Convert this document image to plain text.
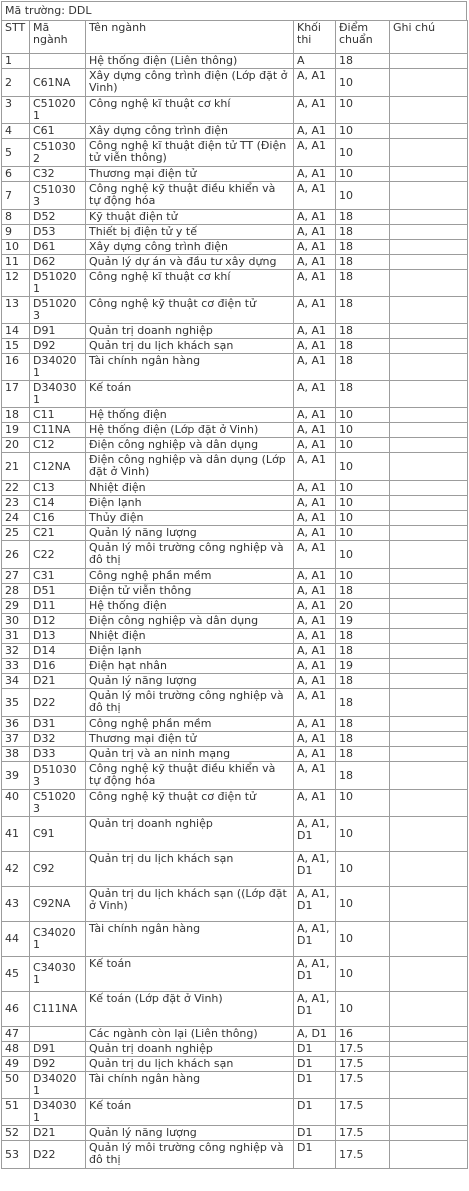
Mã trường: DDL
STT	Mã ngành	Tên ngành	Khối thi	Điểm chuẩn	Ghi chú
1		Hệ thống điện (Liên thông)	A	18	
2	C61NA	Xây dựng công trình điện (Lớp đặt ở Vinh)	A, A1	10	
3	C510201	Công nghệ kĩ thuật cơ khí	A, A1	10	
4	C61	Xây dựng công trình điện	A, A1	10	
5	C510302	Công nghệ kĩ thuật điện tử TT (Điện tử viễn thông)	A, A1	10	
6	C32	Thương mại điện tử	A, A1	10	
7	C510303	Công nghệ kỹ thuật điều khiển và tự động hóa	A, A1	10	
8	D52	Kỹ thuật điện tử	A, A1	18	
9	D53	Thiết bị điện tử y tế	A, A1	18	
10	D61	Xây dựng công trình điện	A, A1	18	
11	D62	Quản lý dự án và đầu tư xây dựng	A, A1	18	
12	D510201	Công nghệ kĩ thuật cơ khí	A, A1	18	
13	D510203	Công nghệ kỹ thuật cơ điện tử	A, A1	18	
14	D91	Quản trị doanh nghiệp	A, A1	18	
15	D92	Quản trị du lịch khách sạn	A, A1	18	
16	D340201	Tài chính ngân hàng	A, A1	18	
17	D340301	Kế toán	A, A1	18	
18	C11	Hệ thống điện	A, A1	10	
19	C11NA	Hệ thống điện (Lớp đặt ở Vinh)	A, A1	10	
20	C12	Điện công nghiệp và dân dụng	A, A1	10	
21	C12NA	Điện công nghiệp và dân dụng (Lớp đặt ở Vinh)	A, A1	10	
22	C13	Nhiệt điện	A, A1	10	
23	C14	Điện lạnh	A, A1	10	
24	C16	Thủy điện	A, A1	10	
25	C21	Quản lý năng lượng	A, A1	10	
26	C22	Quản lý môi trường công nghiệp và đô thị	A, A1	10	
27	C31	Công nghệ phần mềm	A, A1	10	
28	D51	Điện tử viễn thông	A, A1	18	
29	D11	Hệ thống điện	A, A1	20	
30	D12	Điện công nghiệp và dân dụng	A, A1	19	
31	D13	Nhiệt điện	A, A1	18	
32	D14	Điện lạnh	A, A1	18	
33	D16	Điện hạt nhân	A, A1	19	
34	D21	Quản lý năng lượng	A, A1	18	
35	D22	Quản lý môi trường công nghiệp và đô thị	A, A1	18	
36	D31	Công nghệ phần mềm	A, A1	18	
37	D32	Thương mại điện tử	A, A1	18	
38	D33	Quản trị và an ninh mạng	A, A1	18	
39	D510303	Công nghệ kỹ thuật điều khiển và tự động hóa	A, A1	18	
40	C510203	Công nghệ kỹ thuật cơ điện tử	A, A1	10	
41	C91	Quản trị doanh nghiệp	A, A1, D1	10	
42	C92	Quản trị du lịch khách sạn	A, A1, D1	10	
43	C92NA	Quản trị du lịch khách sạn ((Lớp đặt ở Vinh)	A, A1, D1	10	
44	C340201	Tài chính ngân hàng	A, A1, D1	10	
45	C340301	Kế toán	A, A1, D1	10	
46	C111NA	Kế toán (Lớp đặt ở Vinh)	A, A1, D1	10	
47		Các ngành còn lại (Liên thông)	A, D1	16	
48	D91	Quản trị doanh nghiệp	D1	17.5	
49	D92	Quản trị du lịch khách sạn	D1	17.5	
50	D340201	Tài chính ngân hàng	D1	17.5	
51	D340301	Kế toán	D1	17.5	
52	D21	Quản lý năng lượng	D1	17.5	
53	D22	Quản lý môi trường công nghiệp và đô thị	D1	17.5	
